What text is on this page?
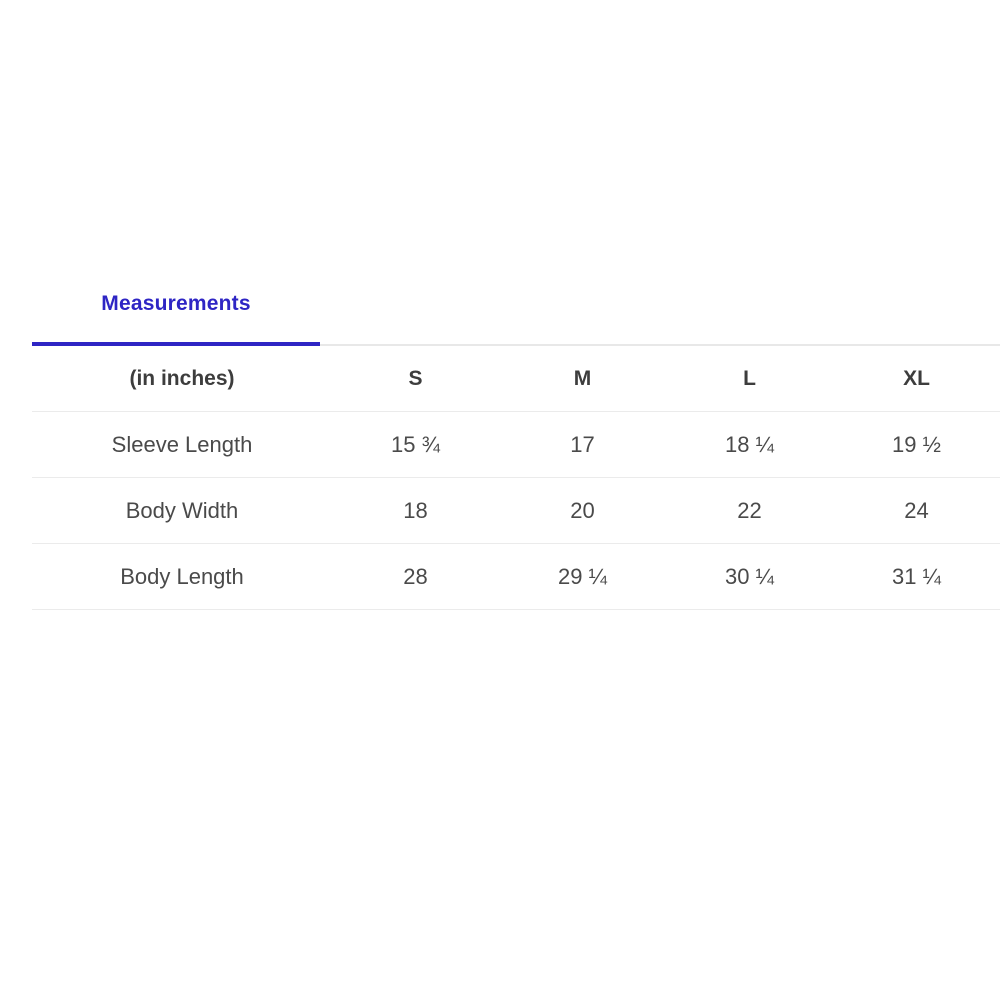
Measurements
(in inches)	S	M	L	XL
Sleeve Length	15 ¾	17	18 ¼	19 ½
Body Width	18	20	22	24
Body Length	28	29 ¼	30 ¼	31 ¼
